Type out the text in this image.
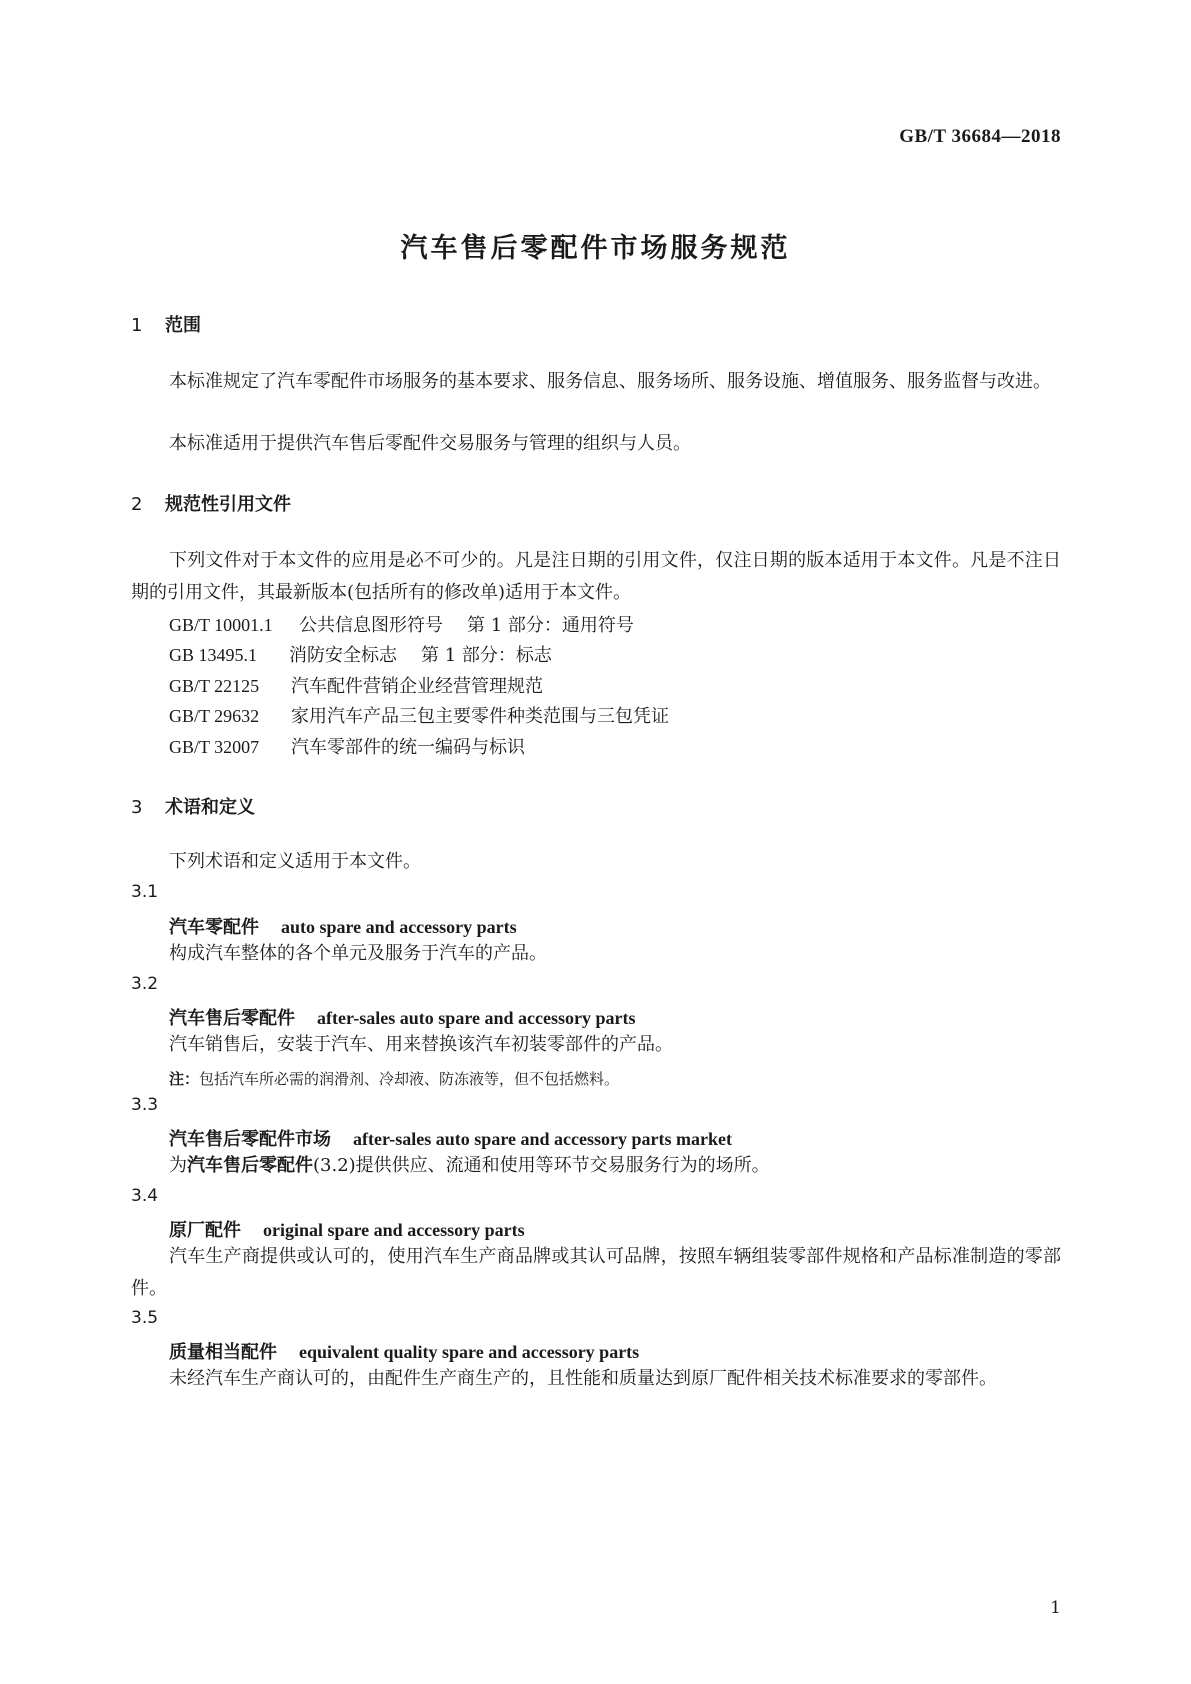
GB/T 36684—2018
汽车售后零配件市场服务规范
1 范围
本标准规定了汽车零配件市场服务的基本要求、服务信息、服务场所、服务设施、增值服务、服务监督与改进。
本标准适用于提供汽车售后零配件交易服务与管理的组织与人员。
2 规范性引用文件
下列文件对于本文件的应用是必不可少的。凡是注日期的引用文件，仅注日期的版本适用于本文件。凡是不注日期的引用文件，其最新版本(包括所有的修改单)适用于本文件。
GB/T 10001.1 公共信息图形符号 第 1 部分：通用符号
GB 13495.1 消防安全标志 第 1 部分：标志
GB/T 22125 汽车配件营销企业经营管理规范
GB/T 29632 家用汽车产品三包主要零件种类范围与三包凭证
GB/T 32007 汽车零部件的统一编码与标识
3 术语和定义
下列术语和定义适用于本文件。
3.1
汽车零配件 auto spare and accessory parts
构成汽车整体的各个单元及服务于汽车的产品。
3.2
汽车售后零配件 after-sales auto spare and accessory parts
汽车销售后，安装于汽车、用来替换该汽车初装零部件的产品。
注：包括汽车所必需的润滑剂、冷却液、防冻液等，但不包括燃料。
3.3
汽车售后零配件市场 after-sales auto spare and accessory parts market
为汽车售后零配件(3.2)提供供应、流通和使用等环节交易服务行为的场所。
3.4
原厂配件 original spare and accessory parts
汽车生产商提供或认可的，使用汽车生产商品牌或其认可品牌，按照车辆组装零部件规格和产品标准制造的零部件。
3.5
质量相当配件 equivalent quality spare and accessory parts
未经汽车生产商认可的，由配件生产商生产的，且性能和质量达到原厂配件相关技术标准要求的零部件。
1
